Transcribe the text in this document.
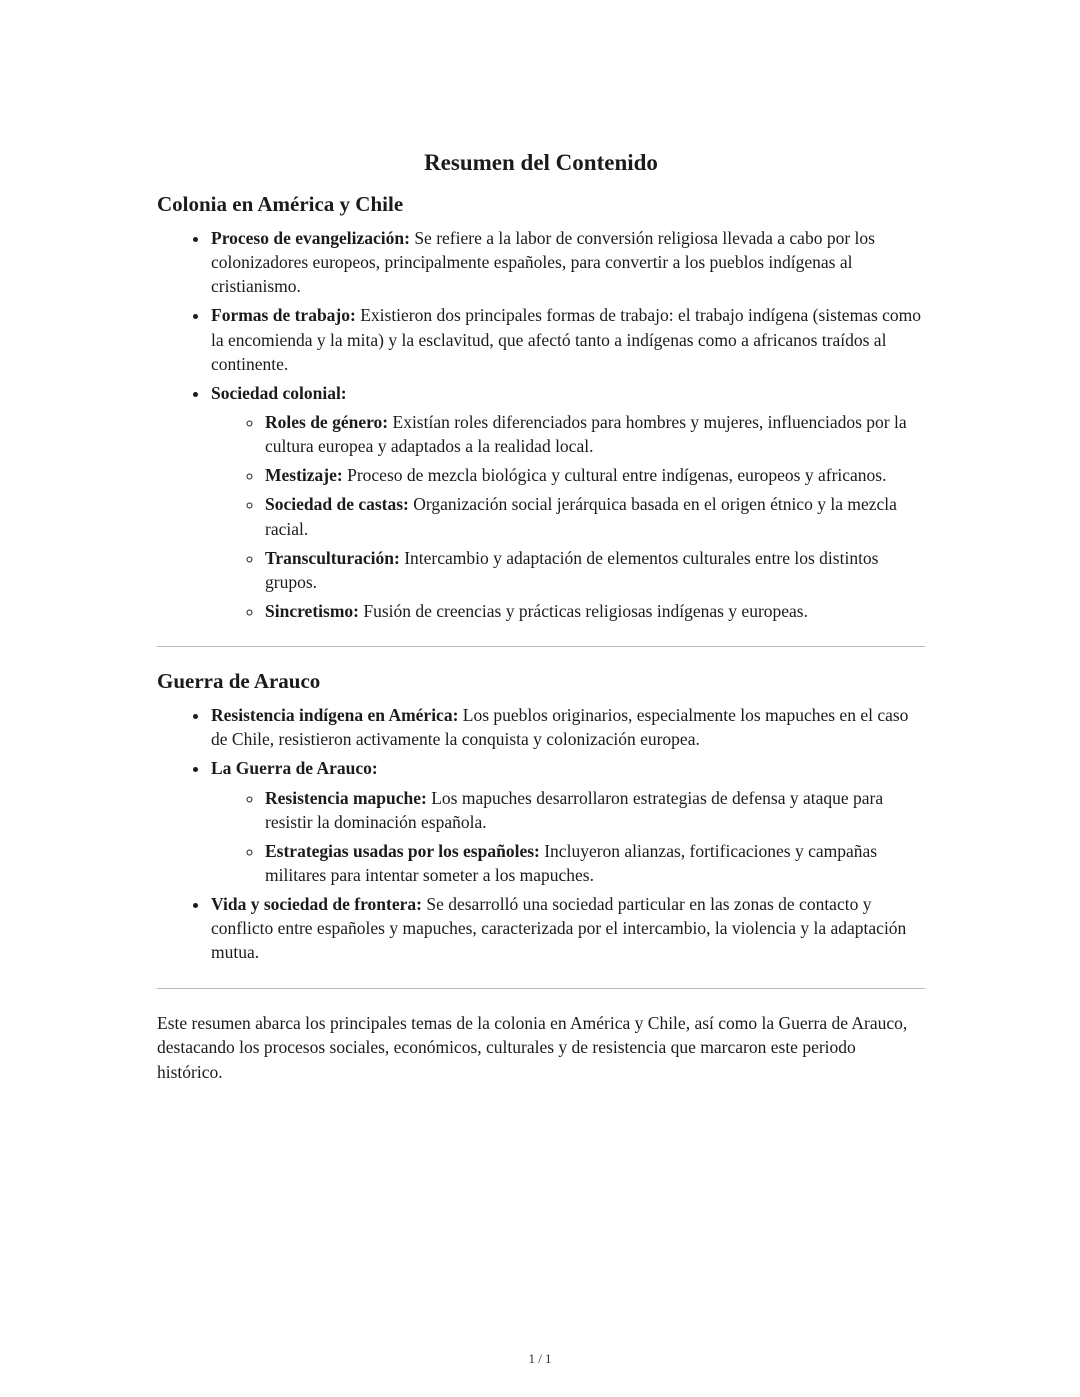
Resumen del Contenido
Colonia en América y Chile
• Proceso de evangelización: Se refiere a la labor de conversión religiosa llevada a cabo por los colonizadores europeos, principalmente españoles, para convertir a los pueblos indígenas al cristianismo.
• Formas de trabajo: Existieron dos principales formas de trabajo: el trabajo indígena (sistemas como la encomienda y la mita) y la esclavitud, que afectó tanto a indígenas como a africanos traídos al continente.
• Sociedad colonial:
◦ Roles de género: Existían roles diferenciados para hombres y mujeres, influenciados por la cultura europea y adaptados a la realidad local.
◦ Mestizaje: Proceso de mezcla biológica y cultural entre indígenas, europeos y africanos.
◦ Sociedad de castas: Organización social jerárquica basada en el origen étnico y la mezcla racial.
◦ Transculturación: Intercambio y adaptación de elementos culturales entre los distintos grupos.
◦ Sincretismo: Fusión de creencias y prácticas religiosas indígenas y europeas.
Guerra de Arauco
• Resistencia indígena en América: Los pueblos originarios, especialmente los mapuches en el caso de Chile, resistieron activamente la conquista y colonización europea.
• La Guerra de Arauco:
◦ Resistencia mapuche: Los mapuches desarrollaron estrategias de defensa y ataque para resistir la dominación española.
◦ Estrategias usadas por los españoles: Incluyeron alianzas, fortificaciones y campañas militares para intentar someter a los mapuches.
• Vida y sociedad de frontera: Se desarrolló una sociedad particular en las zonas de contacto y conflicto entre españoles y mapuches, caracterizada por el intercambio, la violencia y la adaptación mutua.

Este resumen abarca los principales temas de la colonia en América y Chile, así como la Guerra de Arauco, destacando los procesos sociales, económicos, culturales y de resistencia que marcaron este periodo histórico.

1 / 1
